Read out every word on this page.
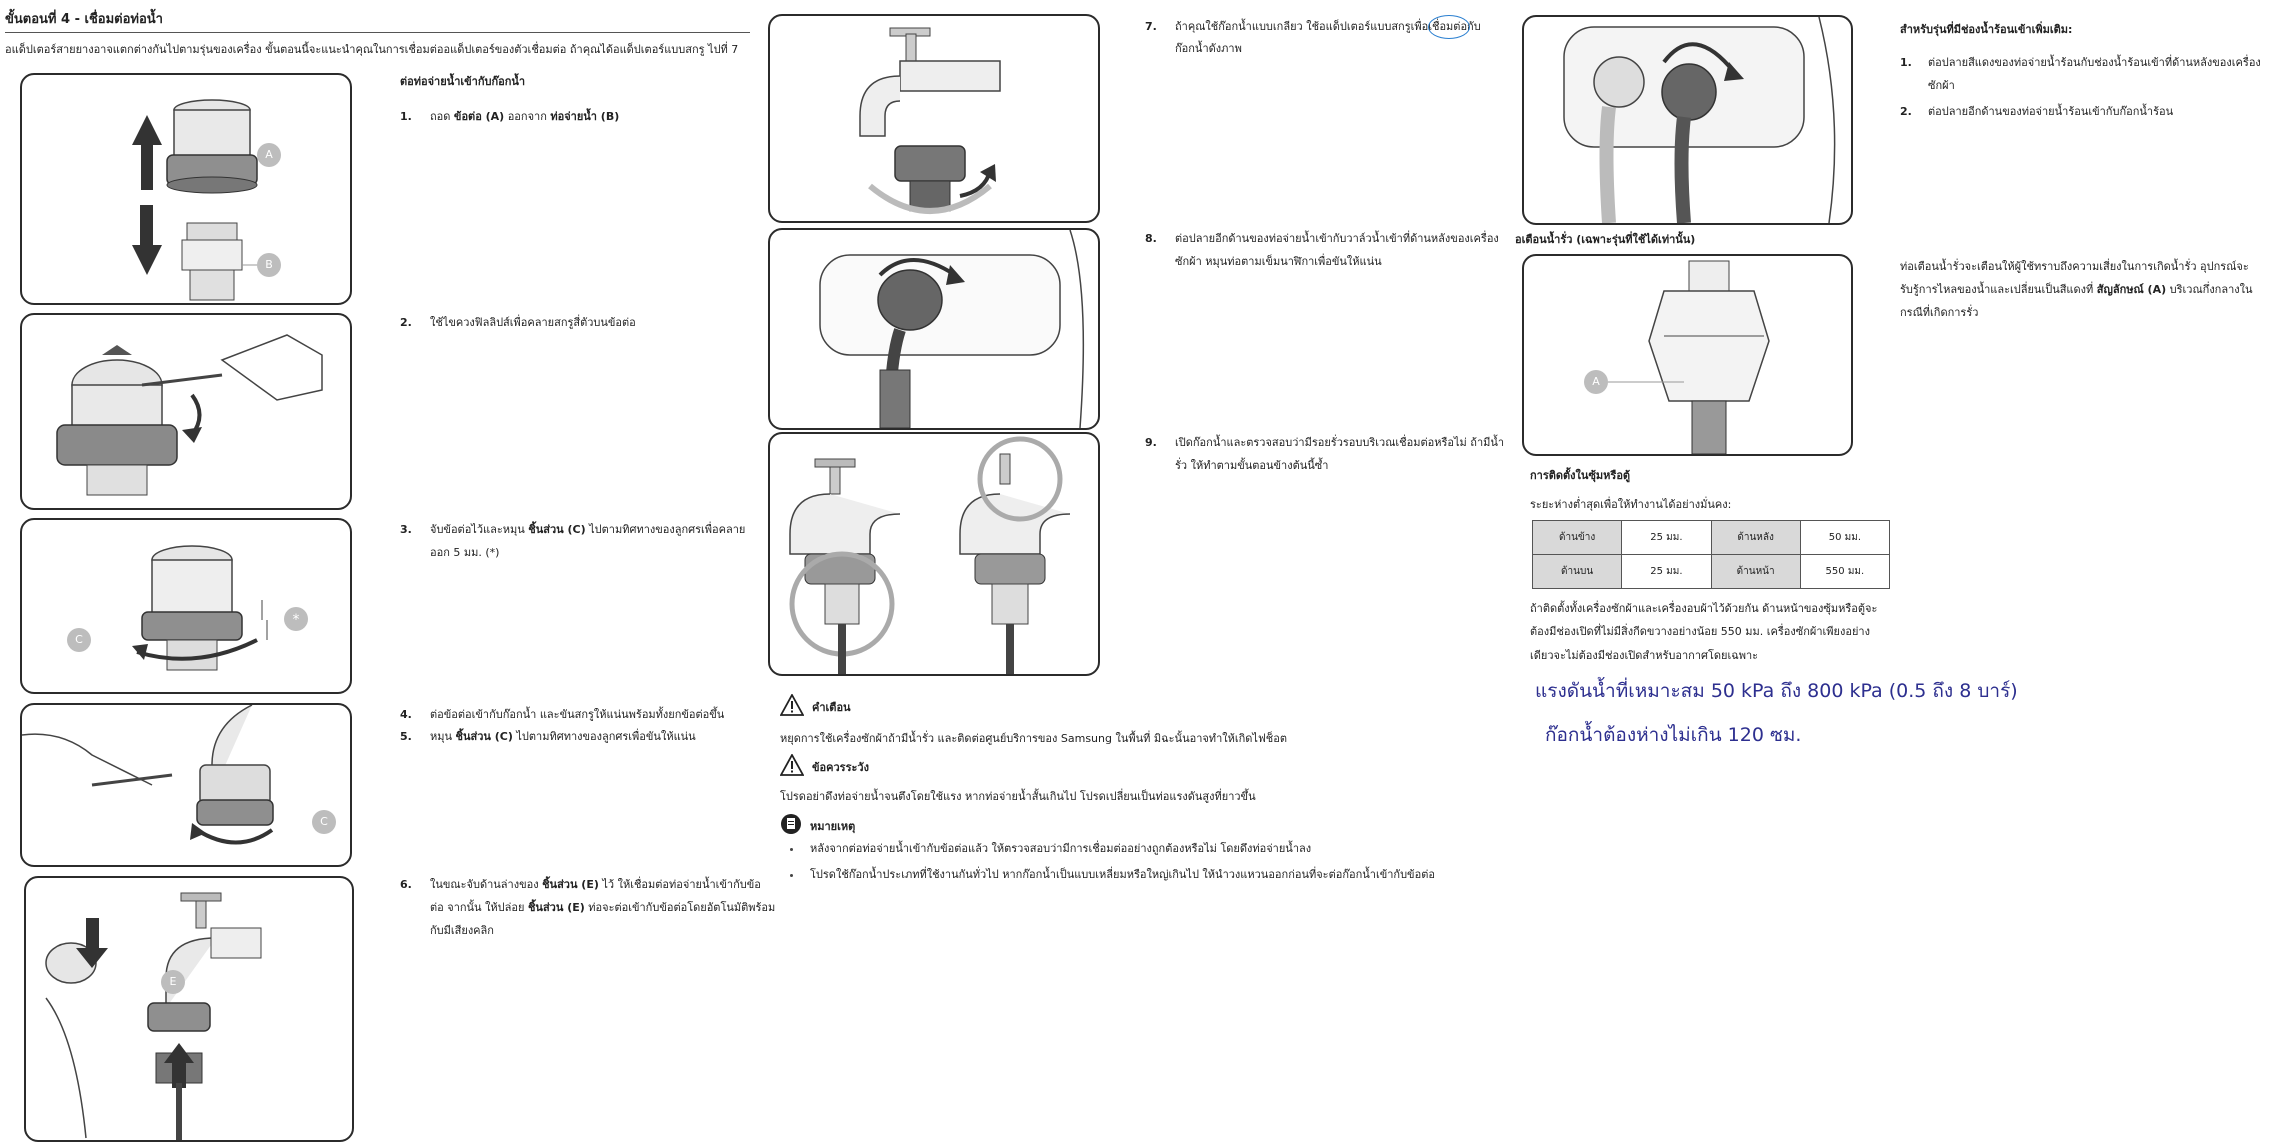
ขั้นตอนที่ 4 - เชื่อมต่อท่อน้ำ
อแด็ปเตอร์สายยางอาจแตกต่างกันไปตามรุ่นของเครื่อง ขั้นตอนนี้จะแนะนำคุณในการเชื่อมต่ออแด็ปเตอร์ของตัวเชื่อมต่อ ถ้าคุณได้อแด็ปเตอร์แบบสกรู ไปที่ 7
A
B
C
*
C
E
ต่อท่อจ่ายน้ำเข้ากับก๊อกน้ำ
1. ถอด ข้อต่อ (A) ออกจาก ท่อจ่ายน้ำ (B)
2. ใช้ไขควงฟิลลิปส์เพื่อคลายสกรูสี่ตัวบนข้อต่อ
3. จับข้อต่อไว้และหมุน ชิ้นส่วน (C) ไปตามทิศทางของลูกศรเพื่อคลาย
ออก 5 มม. (*)
4. ต่อข้อต่อเข้ากับก๊อกน้ำ และขันสกรูให้แน่นพร้อมทั้งยกข้อต่อขึ้น
5. หมุน ชิ้นส่วน (C) ไปตามทิศทางของลูกศรเพื่อขันให้แน่น
6. ในขณะจับด้านล่างของ ชิ้นส่วน (E) ไว้ ให้เชื่อมต่อท่อจ่ายน้ำเข้ากับข้อ
ต่อ จากนั้น ให้ปล่อย ชิ้นส่วน (E) ท่อจะต่อเข้ากับข้อต่อโดยอัตโนมัติพร้อม
กับมีเสียงคลิก
คำเตือน
หยุดการใช้เครื่องซักผ้าถ้ามีน้ำรั่ว และติดต่อศูนย์บริการของ Samsung ในพื้นที่ มิฉะนั้นอาจทำให้เกิดไฟช็อต
ข้อควรระวัง
โปรดอย่าดึงท่อจ่ายน้ำจนตึงโดยใช้แรง หากท่อจ่ายน้ำสั้นเกินไป โปรดเปลี่ยนเป็นท่อแรงดันสูงที่ยาวขึ้น
หมายเหตุ
หลังจากต่อท่อจ่ายน้ำเข้ากับข้อต่อแล้ว ให้ตรวจสอบว่ามีการเชื่อมต่ออย่างถูกต้องหรือไม่ โดยดึงท่อจ่ายน้ำลง
โปรดใช้ก๊อกน้ำประเภทที่ใช้งานกันทั่วไป หากก๊อกน้ำเป็นแบบเหลี่ยมหรือใหญ่เกินไป ให้นำวงแหวนออกก่อนที่จะต่อก๊อกน้ำเข้ากับข้อต่อ
7. ถ้าคุณใช้ก๊อกน้ำแบบเกลียว ใช้อแด็ปเตอร์แบบสกรูเพื่อเชื่อมต่อกับ
ก๊อกน้ำดังภาพ
8. ต่อปลายอีกด้านของท่อจ่ายน้ำเข้ากับวาล์วน้ำเข้าที่ด้านหลังของเครื่อง
ซักผ้า หมุนท่อตามเข็มนาฬิกาเพื่อขันให้แน่น
9. เปิดก๊อกน้ำและตรวจสอบว่ามีรอยรั่วรอบบริเวณเชื่อมต่อหรือไม่ ถ้ามีน้ำ
รั่ว ให้ทำตามขั้นตอนข้างต้นนี้ซ้ำ
อเตือนน้ำรั่ว (เฉพาะรุ่นที่ใช้ได้เท่านั้น)
A
การติดตั้งในซุ้มหรือตู้
ระยะห่างต่ำสุดเพื่อให้ทำงานได้อย่างมั่นคง:
ด้านข้าง	25 มม.	ด้านหลัง	50 มม.
ด้านบน	25 มม.	ด้านหน้า	550 มม.
ถ้าติดตั้งทั้งเครื่องซักผ้าและเครื่องอบผ้าไว้ด้วยกัน ด้านหน้าของซุ้มหรือตู้จะ
ต้องมีช่องเปิดที่ไม่มีสิ่งกีดขวางอย่างน้อย 550 มม. เครื่องซักผ้าเพียงอย่าง
เดียวจะไม่ต้องมีช่องเปิดสำหรับอากาศโดยเฉพาะ
แรงดันน้ำที่เหมาะสม 50 kPa ถึง 800 kPa (0.5 ถึง 8 บาร์)
ก๊อกน้ำต้องห่างไม่เกิน 120 ซม.
สำหรับรุ่นที่มีช่องน้ำร้อนเข้าเพิ่มเติม:
1. ต่อปลายสีแดงของท่อจ่ายน้ำร้อนกับช่องน้ำร้อนเข้าที่ด้านหลังของเครื่อง
ซักผ้า
2. ต่อปลายอีกด้านของท่อจ่ายน้ำร้อนเข้ากับก๊อกน้ำร้อน
ท่อเตือนน้ำรั่วจะเตือนให้ผู้ใช้ทราบถึงความเสี่ยงในการเกิดน้ำรั่ว อุปกรณ์จะ
รับรู้การไหลของน้ำและเปลี่ยนเป็นสีแดงที่ สัญลักษณ์ (A) บริเวณกึ่งกลางใน
กรณีที่เกิดการรั่ว
